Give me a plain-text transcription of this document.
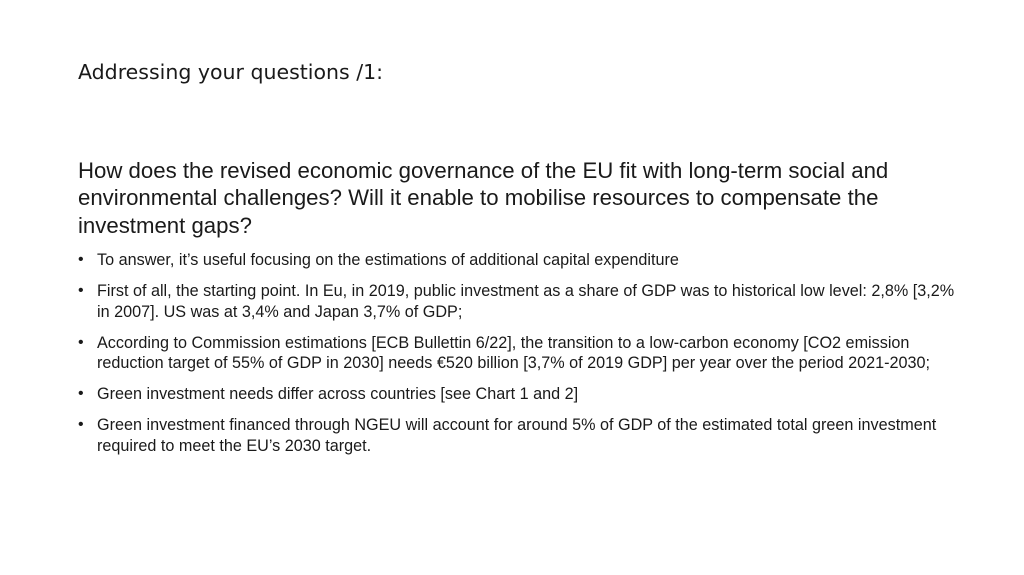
Addressing your questions /1:

How does the revised economic governance of the EU fit with long-term social and environmental challenges? Will it enable to mobilise resources to compensate the investment gaps?

• To answer, it’s useful focusing on the estimations of additional capital expenditure
• First of all, the starting point. In Eu, in 2019, public investment as a share of GDP was to historical low level: 2,8% [3,2% in 2007]. US was at 3,4% and Japan 3,7% of GDP;
• According to Commission estimations [ECB Bullettin 6/22], the transition to a low-carbon economy [CO2 emission reduction target of 55% of GDP in 2030] needs €520 billion [3,7% of 2019 GDP] per year over the period 2021-2030;
• Green investment needs differ across countries [see Chart 1 and 2]
• Green investment financed through NGEU will account for around 5% of GDP of the estimated total green investment required to meet the EU’s 2030 target.
